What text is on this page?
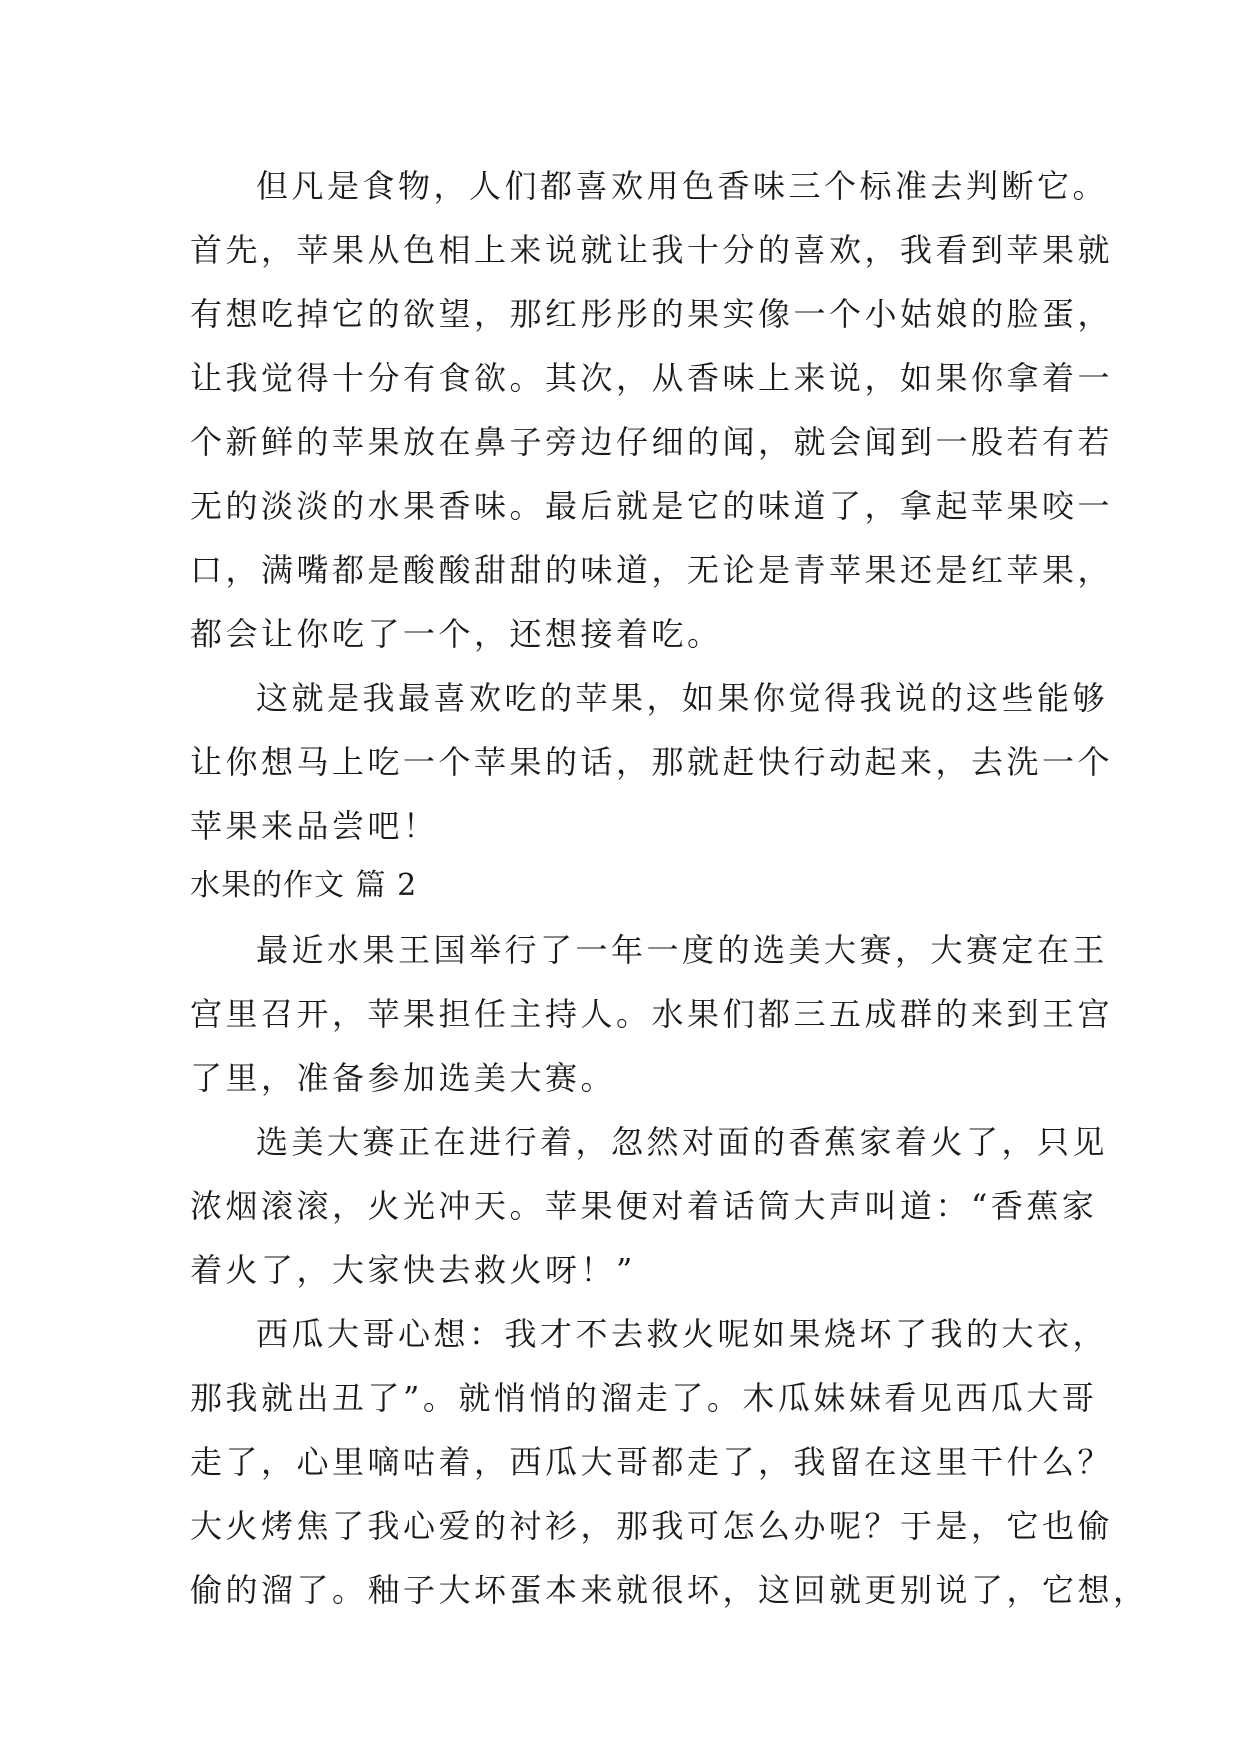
但凡是食物，人们都喜欢用色香味三个标准去判断它。
首先，苹果从色相上来说就让我十分的喜欢，我看到苹果就
有想吃掉它的欲望，那红彤彤的果实像一个小姑娘的脸蛋，
让我觉得十分有食欲。其次，从香味上来说，如果你拿着一
个新鲜的苹果放在鼻子旁边仔细的闻，就会闻到一股若有若
无的淡淡的水果香味。最后就是它的味道了，拿起苹果咬一
口，满嘴都是酸酸甜甜的味道，无论是青苹果还是红苹果，
都会让你吃了一个，还想接着吃。
这就是我最喜欢吃的苹果，如果你觉得我说的这些能够
让你想马上吃一个苹果的话，那就赶快行动起来，去洗一个
苹果来品尝吧！
水果的作文 篇 2
最近水果王国举行了一年一度的选美大赛，大赛定在王
宫里召开，苹果担任主持人。水果们都三五成群的来到王宫
了里，准备参加选美大赛。
选美大赛正在进行着，忽然对面的香蕉家着火了，只见
浓烟滚滚，火光冲天。苹果便对着话筒大声叫道：“香蕉家
着火了，大家快去救火呀！”
西瓜大哥心想：我才不去救火呢如果烧坏了我的大衣，
那我就出丑了”。就悄悄的溜走了。木瓜妹妹看见西瓜大哥
走了，心里嘀咕着，西瓜大哥都走了，我留在这里干什么？
大火烤焦了我心爱的衬衫，那我可怎么办呢？于是，它也偷
偷的溜了。釉子大坏蛋本来就很坏，这回就更别说了，它想，
